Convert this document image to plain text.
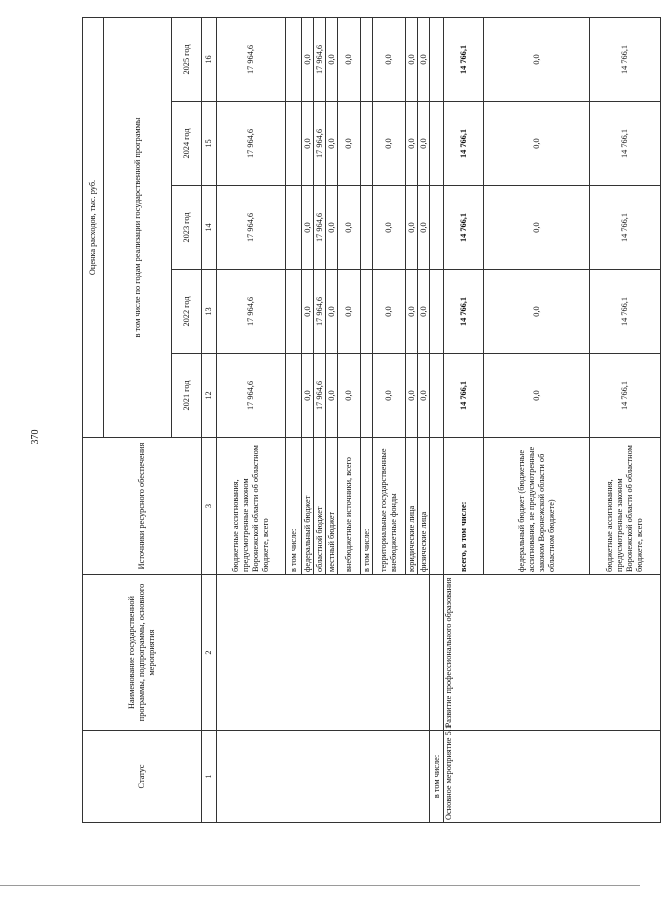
370
Статус	Наименование государственной программы, подпрограммы, основного мероприятия	Источники ресурсного обеспечения	Оценка расходов, тыс. руб.				
			в том числе по годам реализации государственной программы				
			2021 год	2022 год	2023 год	2024 год	2025 год
1	2	3	12	13	14	15	16
		бюджетные ассигнования, предусмотренные законом Воронежской области об областном бюджете, всего	17 964,6	17 964,6	17 964,6	17 964,6	17 964,6
		в том числе:					
		федеральный бюджет	0,0	0,0	0,0	0,0	0,0
		областной бюджет	17 964,6	17 964,6	17 964,6	17 964,6	17 964,6
		местный бюджет	0,0	0,0	0,0	0,0	0,0
		внебюджетные источники, всего	0,0	0,0	0,0	0,0	0,0
		в том числе:					
		территориальные государственные внебюджетные фонды	0,0	0,0	0,0	0,0	0,0
		юридические лица	0,0	0,0	0,0	0,0	0,0
		физические лица	0,0	0,0	0,0	0,0	0,0
в том числе:							
Основное мероприятие 5.1	Развитие профессионального образования	всего, в том числе:	14 766,1	14 766,1	14 766,1	14 766,1	14 766,1
		федеральный бюджет (бюджетные ассигнования, не предусмотренные законом Воронежской области об областном бюджете)	0,0	0,0	0,0	0,0	0,0
		бюджетные ассигнования, предусмотренные законом Воронежской области об областном бюджете, всего	14 766,1	14 766,1	14 766,1	14 766,1	14 766,1
